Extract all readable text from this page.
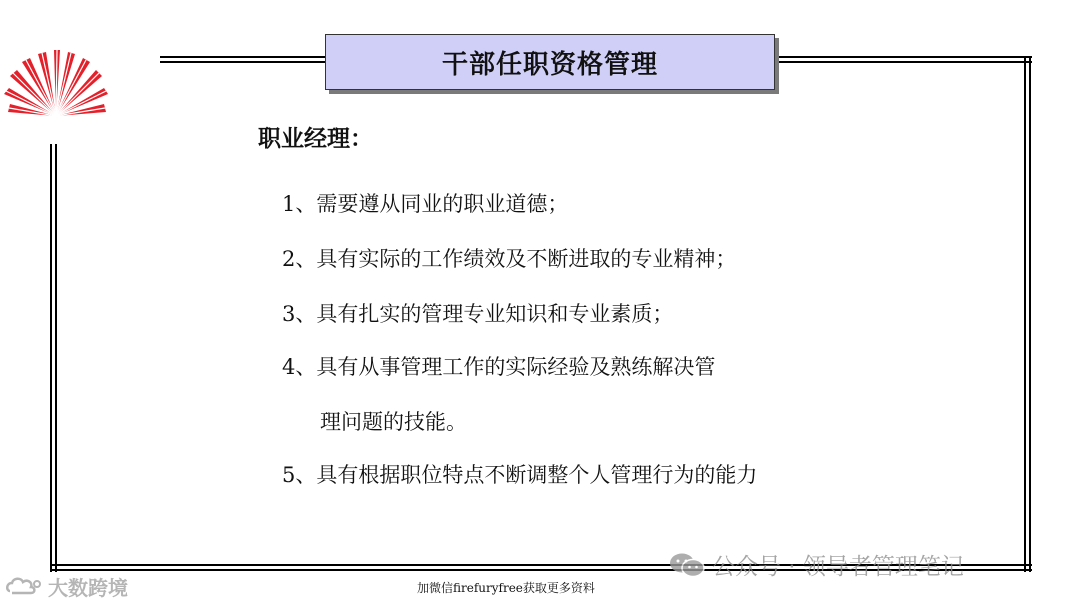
干部任职资格管理
职业经理：
1、需要遵从同业的职业道德；
2、具有实际的工作绩效及不断进取的专业精神；
3、具有扎实的管理专业知识和专业素质；
4、具有从事管理工作的实际经验及熟练解决管
理问题的技能。
5、具有根据职位特点不断调整个人管理行为的能力
公众号 · 领导者管理笔记
加微信firefuryfree获取更多资料
大数跨境
